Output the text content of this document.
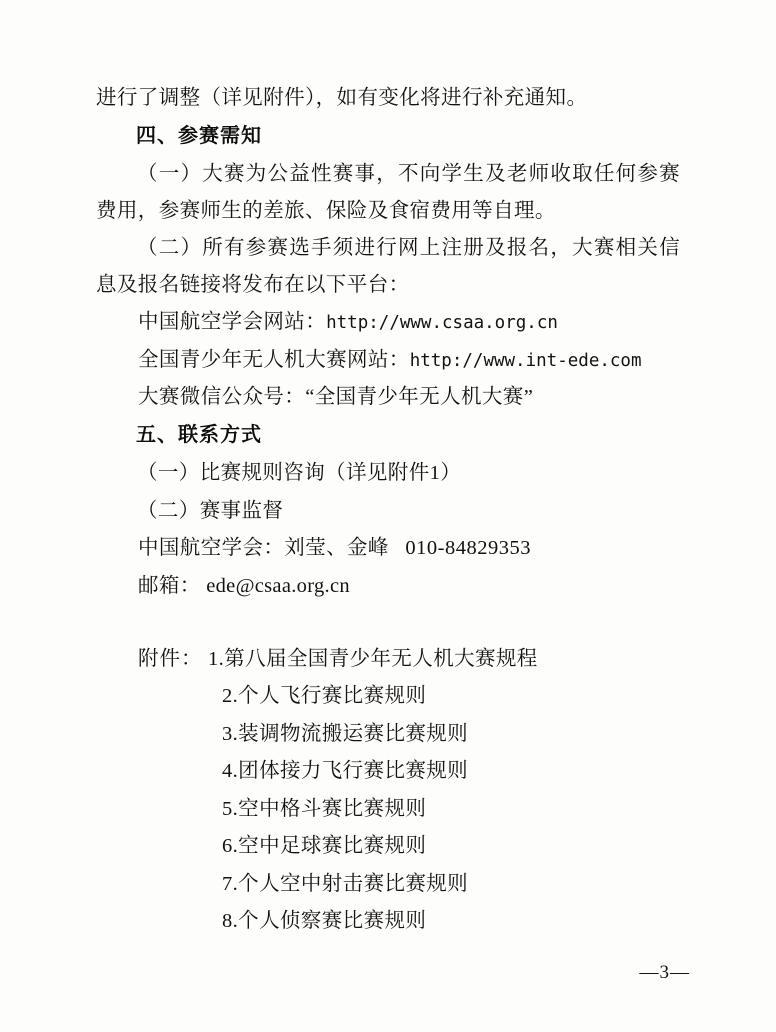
进行了调整（详见附件），如有变化将进行补充通知。

四、参赛需知

（一）大赛为公益性赛事，不向学生及老师收取任何参赛费用，参赛师生的差旅、保险及食宿费用等自理。

（二）所有参赛选手须进行网上注册及报名，大赛相关信息及报名链接将发布在以下平台：

中国航空学会网站：http://www.csaa.org.cn

全国青少年无人机大赛网站：http://www.int-ede.com

大赛微信公众号：“全国青少年无人机大赛”

五、联系方式

（一）比赛规则咨询（详见附件1）

（二）赛事监督

中国航空学会：刘莹、金峰 010-84829353

邮箱： ede@csaa.org.cn

附件： 1.第八届全国青少年无人机大赛规程

2.个人飞行赛比赛规则

3.装调物流搬运赛比赛规则

4.团体接力飞行赛比赛规则

5.空中格斗赛比赛规则

6.空中足球赛比赛规则

7.个人空中射击赛比赛规则

8.个人侦察赛比赛规则

—3—
